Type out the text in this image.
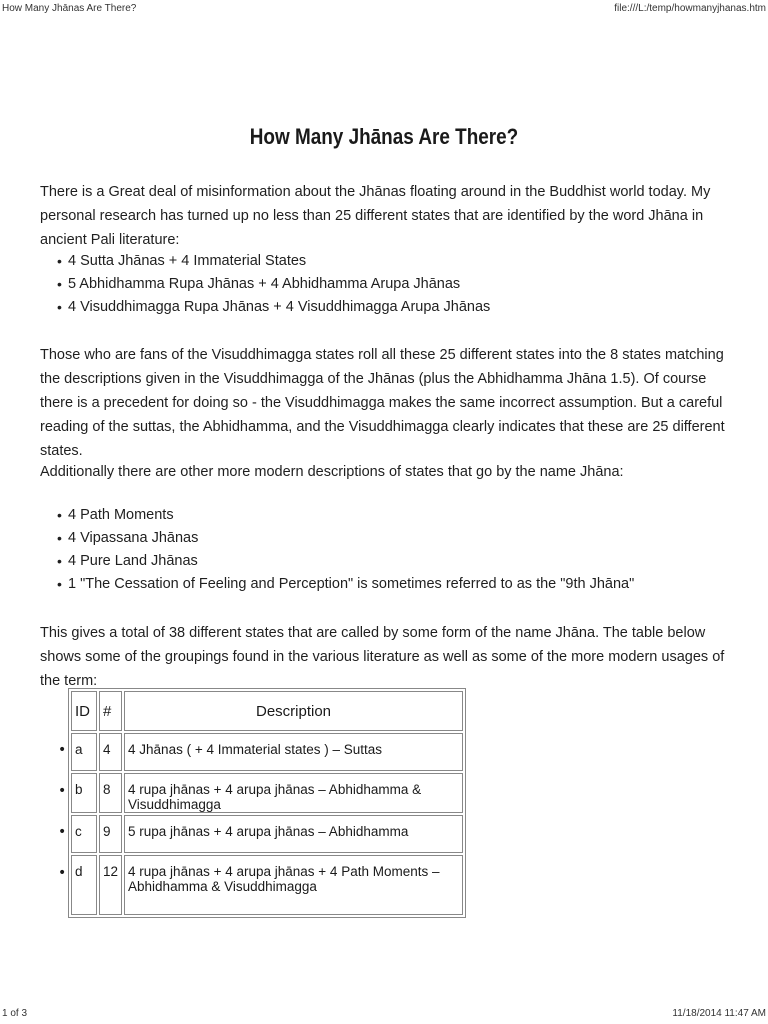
How Many Jhānas Are There?	file:///L:/temp/howmanyjhanas.htm
How Many Jhānas Are There?

There is a Great deal of misinformation about the Jhānas floating around in the Buddhist world today. My personal research has turned up no less than 25 different states that are identified by the word Jhāna in ancient Pali literature:

• 4 Sutta Jhānas + 4 Immaterial States
• 5 Abhidhamma Rupa Jhānas + 4 Abhidhamma Arupa Jhānas
• 4 Visuddhimagga Rupa Jhānas + 4 Visuddhimagga Arupa Jhānas

Those who are fans of the Visuddhimagga states roll all these 25 different states into the 8 states matching the descriptions given in the Visuddhimagga of the Jhānas (plus the Abhidhamma Jhāna 1.5). Of course there is a precedent for doing so - the Visuddhimagga makes the same incorrect assumption. But a careful reading of the suttas, the Abhidhamma, and the Visuddhimagga clearly indicates that these are 25 different states.

Additionally there are other more modern descriptions of states that go by the name Jhāna:

• 4 Path Moments
• 4 Vipassana Jhānas
• 4 Pure Land Jhānas
• 1 "The Cessation of Feeling and Perception" is sometimes referred to as the "9th Jhāna"

This gives a total of 38 different states that are called by some form of the name Jhāna. The table below shows some of the groupings found in the various literature as well as some of the more modern usages of the term:

•
•
•
•
ID	#	Description
a	4	4 Jhānas ( + 4 Immaterial states ) – Suttas
b	8	4 rupa jhānas + 4 arupa jhānas – Abhidhamma & Visuddhimagga
c	9	5 rupa jhānas + 4 arupa jhānas – Abhidhamma
d	12	4 rupa jhānas + 4 arupa jhānas + 4 Path Moments – Abhidhamma & Visuddhimagga
1 of 3	11/18/2014 11:47 AM
